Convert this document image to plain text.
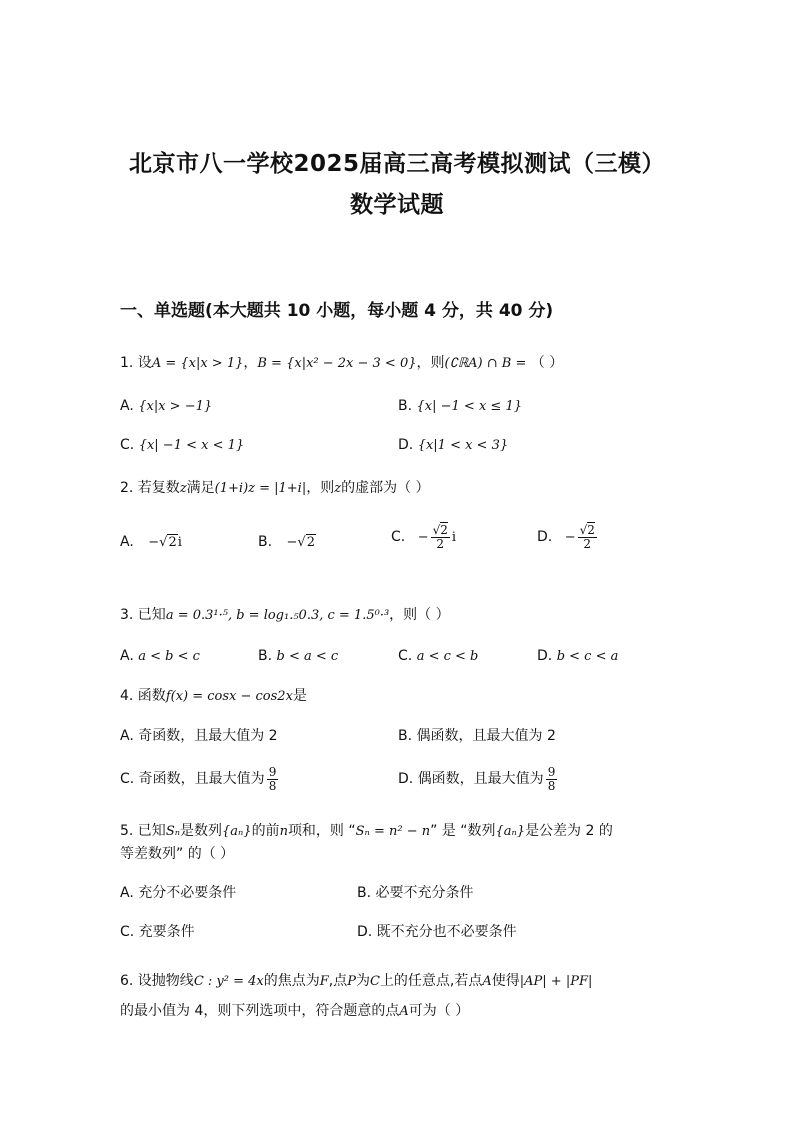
北京市八一学校2025届高三高考模拟测试（三模）
数学试题
一、单选题(本大题共 10 小题，每小题 4 分，共 40 分)
1. 设A = {x|x > 1}，B = {x|x² − 2x − 3 < 0}，则(∁ℝA) ∩ B = （ ）
A. {x|x > −1}	B. {x| −1 < x ≤ 1}
C. {x| −1 < x < 1}	D. {x|1 < x < 3}
2. 若复数z满足(1+i)z = |1+i|，则z的虚部为（ ）
A. −√2i	B. −√2	C. − $\frac{√2}{2}$ i	D. − $\frac{√2}{2}$
3. 已知a = 0.3¹·⁵, b = log₁.₅0.3, c = 1.5⁰·³，则（ ）
A. a < b < c	B. b < a < c	C. a < c < b	D. b < c < a
4. 函数f(x) = cosx − cos2x是
A. 奇函数，且最大值为 2	B. 偶函数，且最大值为 2
C. 奇函数，且最大值为 $\frac{9}{8}$	D. 偶函数，且最大值为 $\frac{9}{8}$
5. 已知Sₙ是数列{aₙ}的前n项和，则 “Sₙ = n² − n” 是 “数列{aₙ}是公差为 2 的
等差数列” 的（ ）
A. 充分不必要条件	B. 必要不充分条件
C. 充要条件	D. 既不充分也不必要条件
6. 设抛物线C : y² = 4x的焦点为F,点P为C上的任意点,若点A使得|AP| + |PF|
的最小值为 4，则下列选项中，符合题意的点A可为（ ）
